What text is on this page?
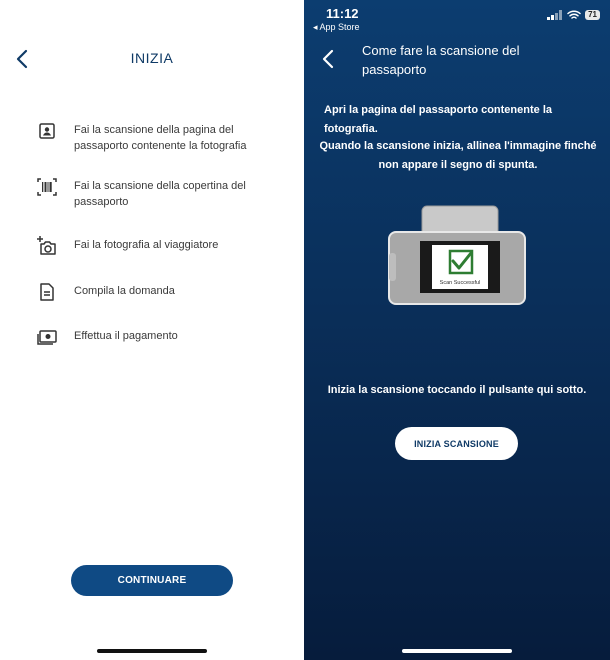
INIZIA
Fai la scansione della pagina del passaporto contenente la fotografia
Fai la scansione della copertina del passaporto
Fai la fotografia al viaggiatore
Compila la domanda
Effettua il pagamento
CONTINUARE
11:12
◂ App Store
71
Come fare la scansione del passaporto
Apri la pagina del passaporto contenente la fotografia.
Quando la scansione inizia, allinea l'immagine finché non appare il segno di spunta.
Scan Successful
Inizia la scansione toccando il pulsante qui sotto.
INIZIA SCANSIONE
